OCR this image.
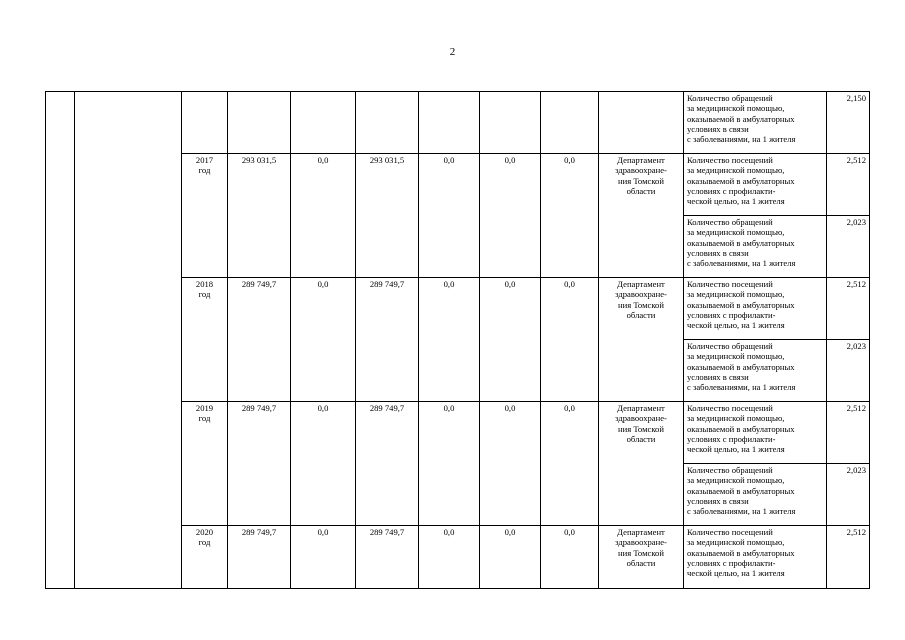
2

										Количество обращений
за медицинской помощью,
оказываемой в амбулаторных
условиях в связи
с заболеваниями, на 1 жителя	2,150

		2017
год	293 031,5	0,0	293 031,5	0,0	0,0	0,0	Департамент
здравоохране-
ния Томской
области	Количество посещений
за медицинской помощью,
оказываемой в амбулаторных
условиях с профилакти-
ческой целью, на 1 жителя	2,512

										Количество обращений
за медицинской помощью,
оказываемой в амбулаторных
условиях в связи
с заболеваниями, на 1 жителя	2,023

		2018
год	289 749,7	0,0	289 749,7	0,0	0,0	0,0	Департамент
здравоохране-
ния Томской
области	Количество посещений
за медицинской помощью,
оказываемой в амбулаторных
условиях с профилакти-
ческой целью, на 1 жителя	2,512

										Количество обращений
за медицинской помощью,
оказываемой в амбулаторных
условиях в связи
с заболеваниями, на 1 жителя	2,023

		2019
год	289 749,7	0,0	289 749,7	0,0	0,0	0,0	Департамент
здравоохране-
ния Томской
области	Количество посещений
за медицинской помощью,
оказываемой в амбулаторных
условиях с профилакти-
ческой целью, на 1 жителя	2,512

										Количество обращений
за медицинской помощью,
оказываемой в амбулаторных
условиях в связи
с заболеваниями, на 1 жителя	2,023

		2020
год	289 749,7	0,0	289 749,7	0,0	0,0	0,0	Департамент
здравоохране-
ния Томской
области	Количество посещений
за медицинской помощью,
оказываемой в амбулаторных
условиях с профилакти-
ческой целью, на 1 жителя	2,512
